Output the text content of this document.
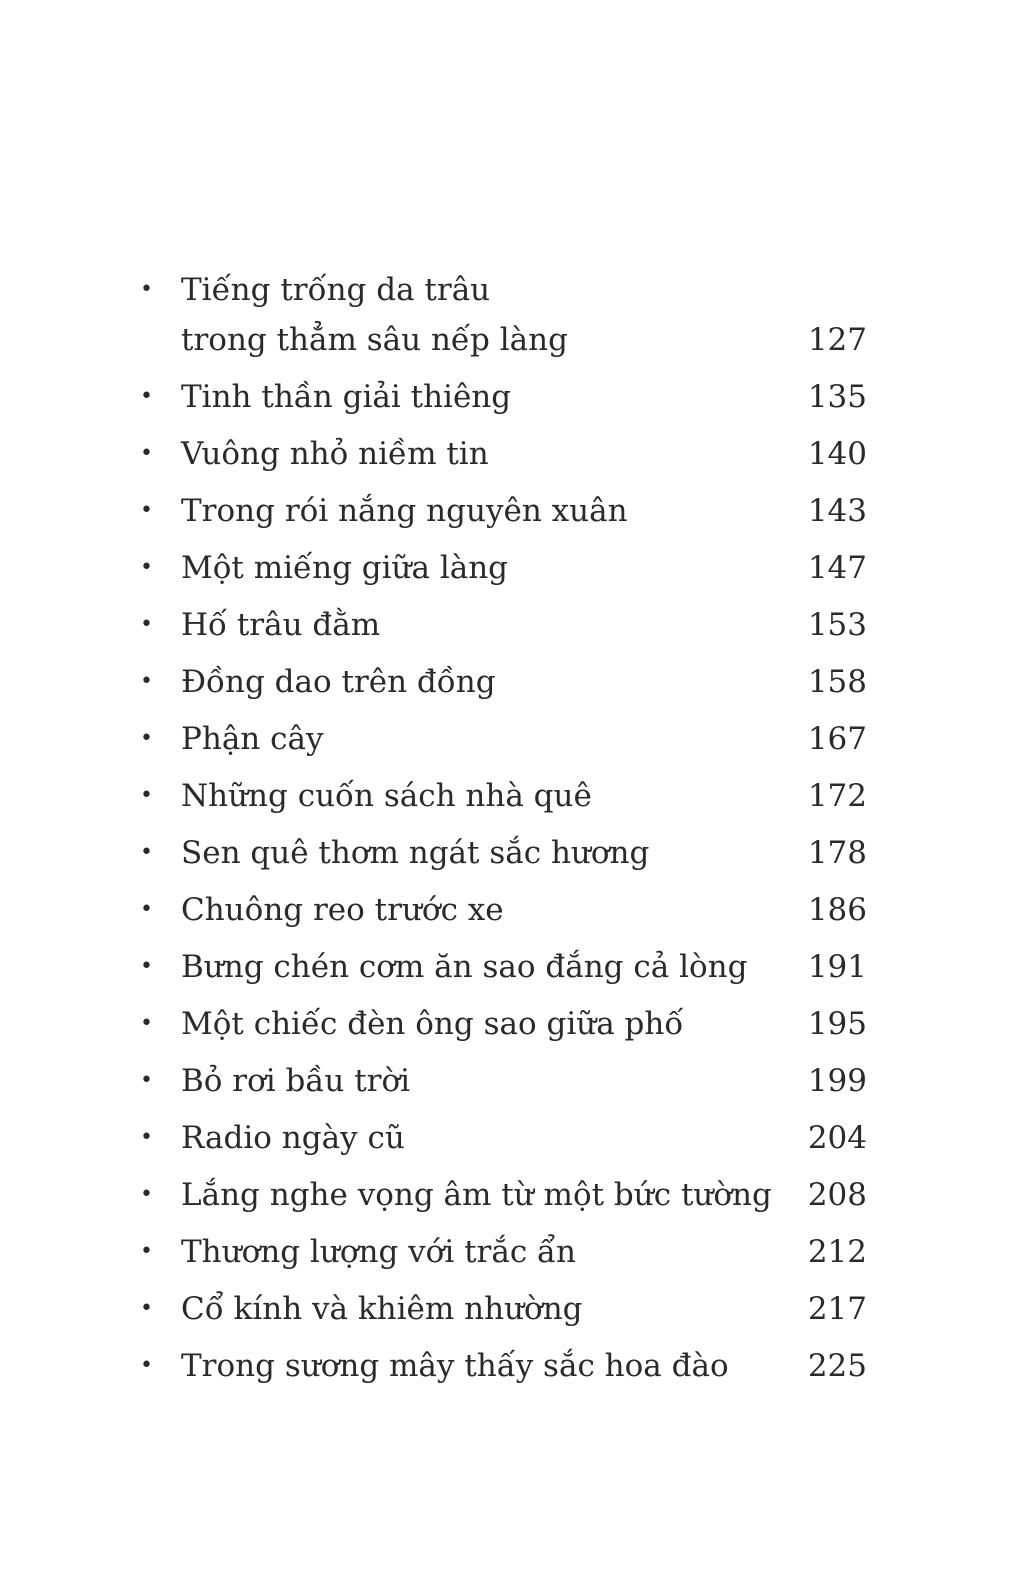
• Tiếng trống da trâu
trong thẳm sâu nếp làng	127
• Tinh thần giải thiêng	135
• Vuông nhỏ niềm tin	140
• Trong rói nắng nguyên xuân	143
• Một miếng giữa làng	147
• Hố trâu đằm	153
• Đồng dao trên đồng	158
• Phận cây	167
• Những cuốn sách nhà quê	172
• Sen quê thơm ngát sắc hương	178
• Chuông reo trước xe	186
• Bưng chén cơm ăn sao đắng cả lòng	191
• Một chiếc đèn ông sao giữa phố	195
• Bỏ rơi bầu trời	199
• Radio ngày cũ	204
• Lắng nghe vọng âm từ một bức tường 208
• Thương lượng với trắc ẩn	212
• Cổ kính và khiêm nhường	217
• Trong sương mây thấy sắc hoa đào	225
